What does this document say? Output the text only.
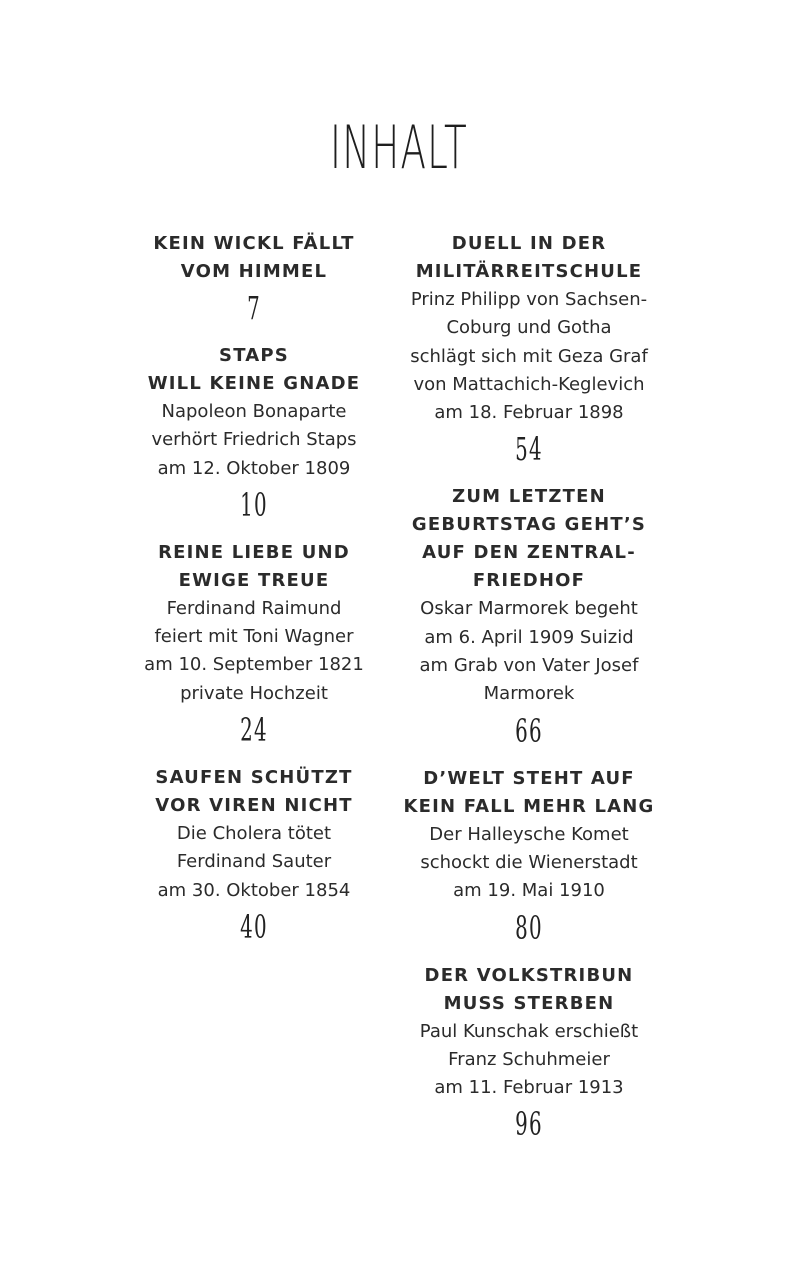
INHALT
KEIN WICKL FÄLLT
VOM HIMMEL
7
STAPS
WILL KEINE GNADE
Napoleon Bonaparte
verhört Friedrich Staps
am 12. Oktober 1809
10
REINE LIEBE UND
EWIGE TREUE
Ferdinand Raimund
feiert mit Toni Wagner
am 10. September 1821
private Hochzeit
24
SAUFEN SCHÜTZT
VOR VIREN NICHT
Die Cholera tötet
Ferdinand Sauter
am 30. Oktober 1854
40
DUELL IN DER
MILITÄRREITSCHULE
Prinz Philipp von Sachsen-
Coburg und Gotha
schlägt sich mit Geza Graf
von Mattachich-Keglevich
am 18. Februar 1898
54
ZUM LETZTEN
GEBURTSTAG GEHT’S
AUF DEN ZENTRAL-
FRIEDHOF
Oskar Marmorek begeht
am 6. April 1909 Suizid
am Grab von Vater Josef
Marmorek
66
D’WELT STEHT AUF
KEIN FALL MEHR LANG
Der Halleysche Komet
schockt die Wienerstadt
am 19. Mai 1910
80
DER VOLKSTRIBUN
MUSS STERBEN
Paul Kunschak erschießt
Franz Schuhmeier
am 11. Februar 1913
96
